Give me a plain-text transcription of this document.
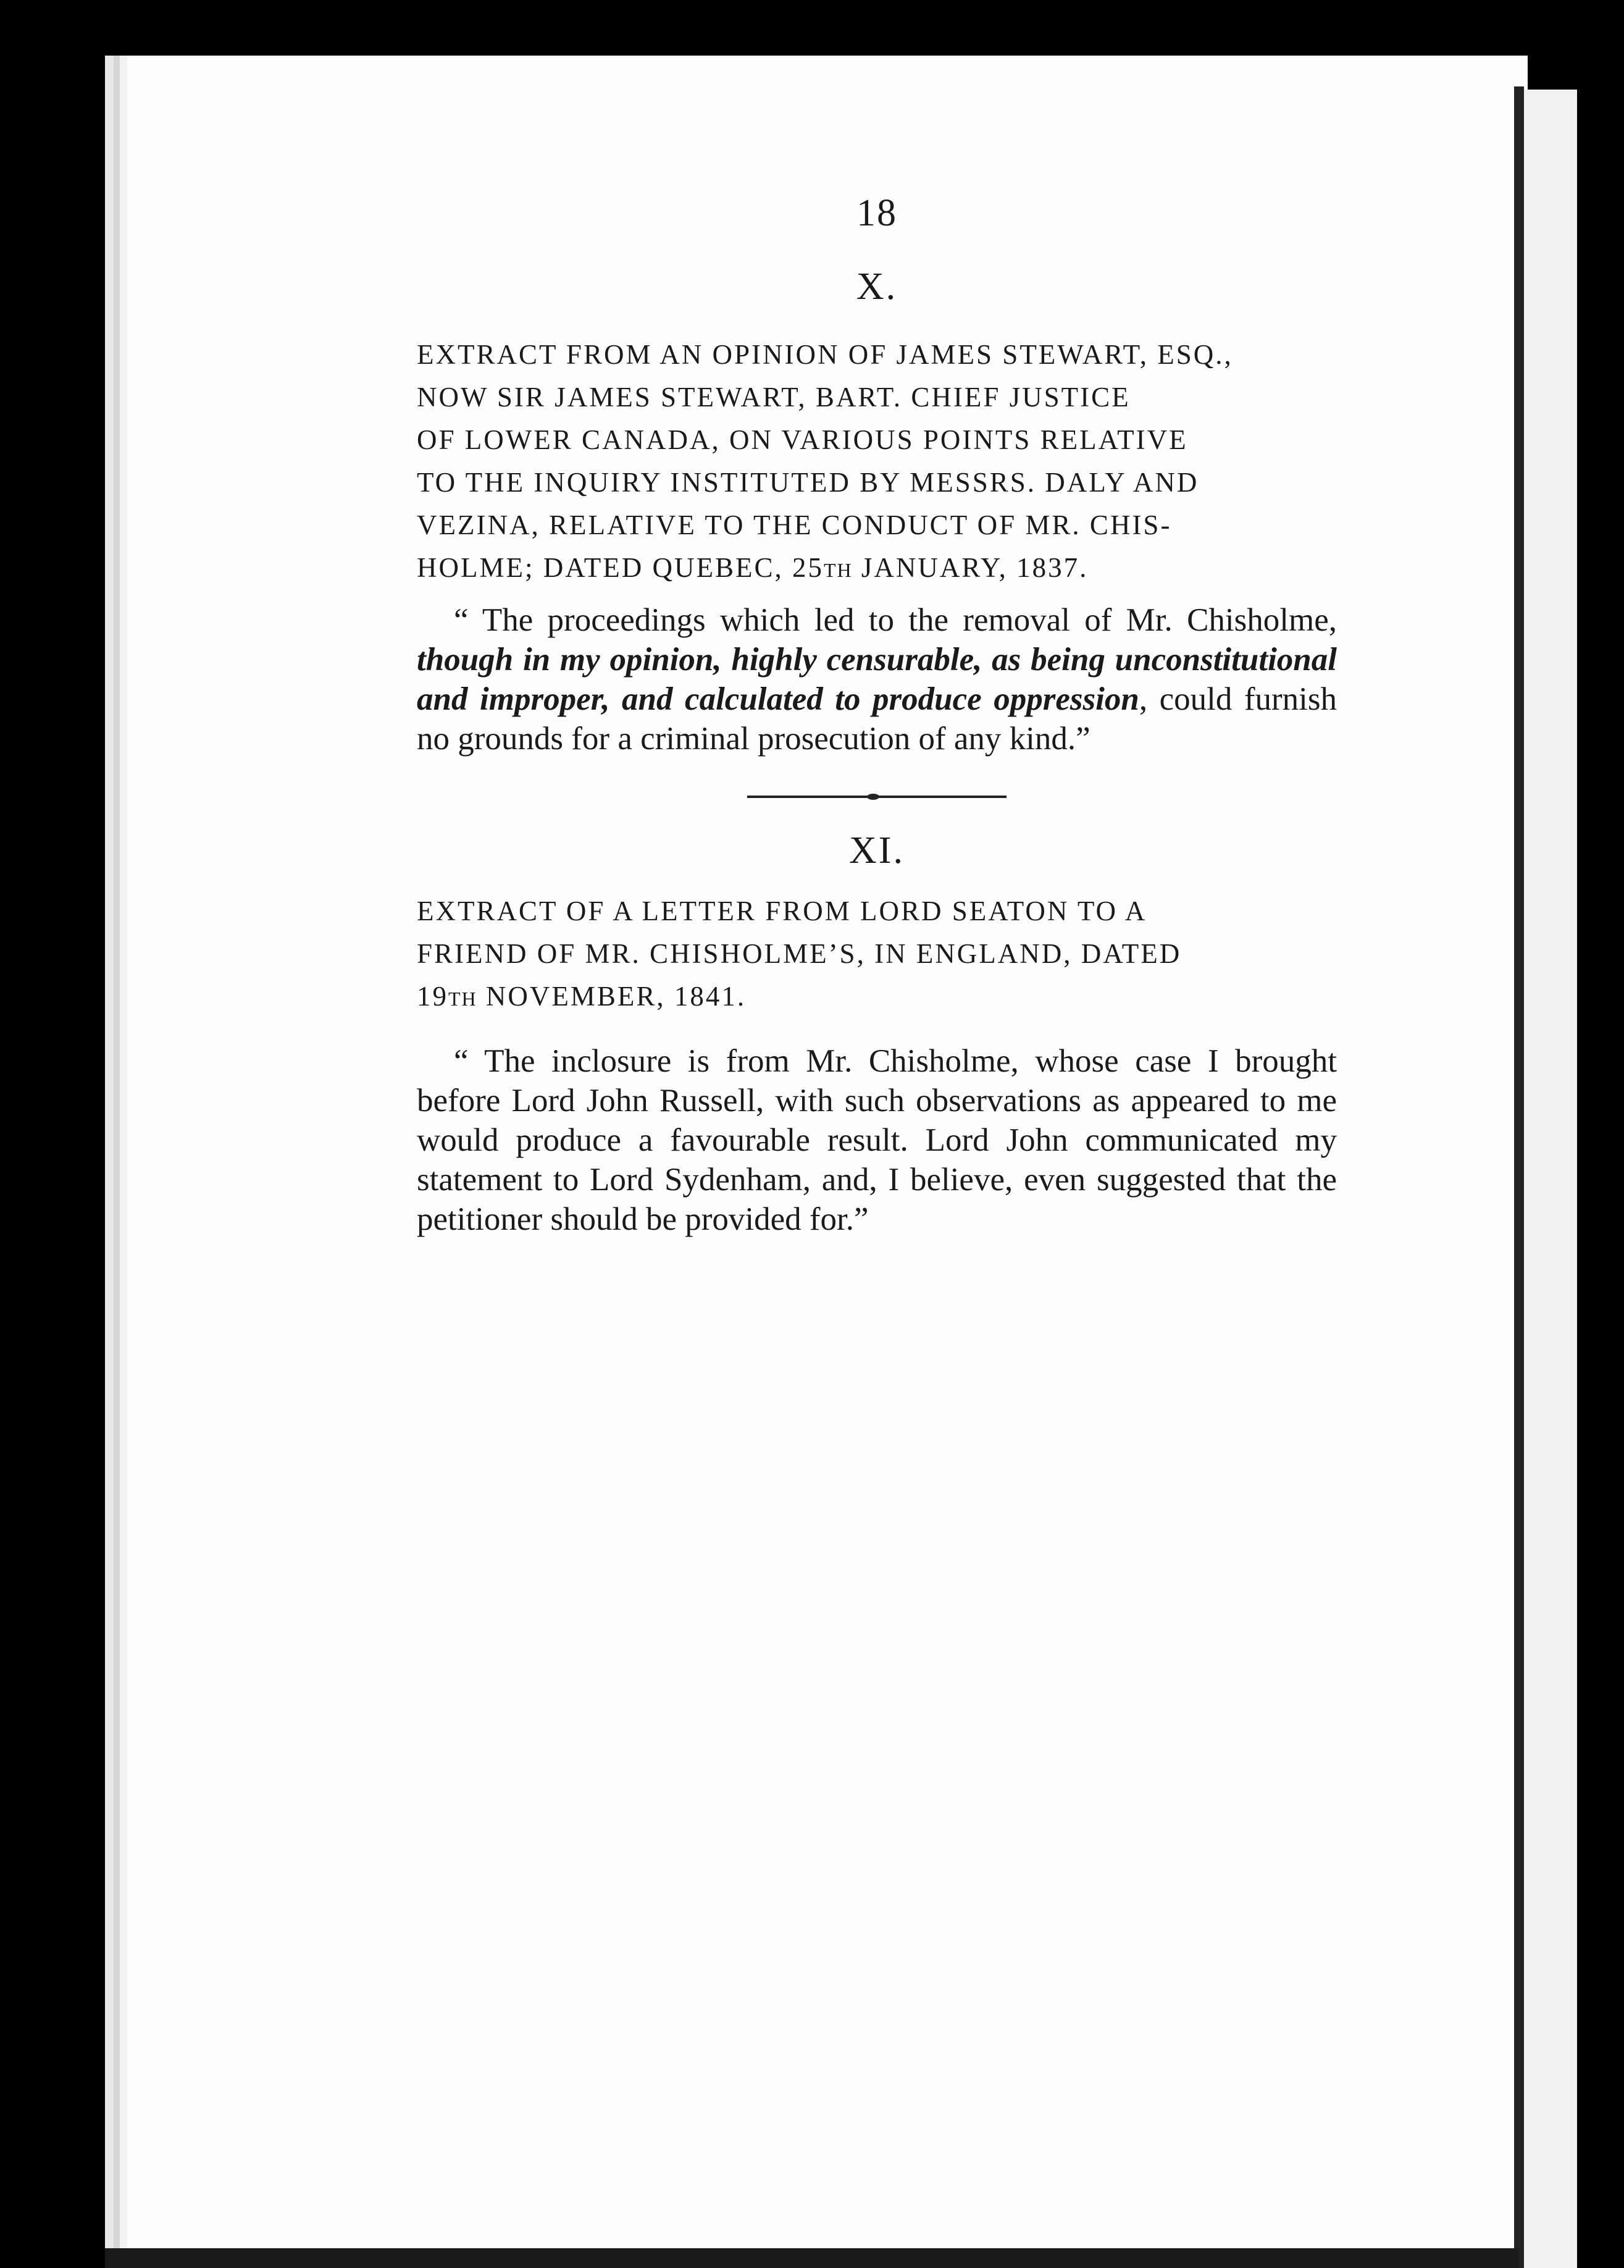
18
X.
EXTRACT FROM AN OPINION OF JAMES STEWART, ESQ.,
NOW SIR JAMES STEWART, BART. CHIEF JUSTICE
OF LOWER CANADA, ON VARIOUS POINTS RELATIVE
TO THE INQUIRY INSTITUTED BY MESSRS. DALY AND
VEZINA, RELATIVE TO THE CONDUCT OF MR. CHIS-
HOLME; DATED QUEBEC, 25TH JANUARY, 1837.

“ The proceedings which led to the removal of Mr. Chisholme, though in my opinion, highly censurable, as being unconstitutional and improper, and calculated to produce oppression, could furnish no grounds for a criminal prosecution of any kind.”

XI.
EXTRACT OF A LETTER FROM LORD SEATON TO A
FRIEND OF MR. CHISHOLME’S, IN ENGLAND, DATED
19TH NOVEMBER, 1841.

“ The inclosure is from Mr. Chisholme, whose case I brought before Lord John Russell, with such observations as appeared to me would produce a favourable result. Lord John communicated my statement to Lord Sydenham, and, I believe, even suggested that the petitioner should be provided for.”
